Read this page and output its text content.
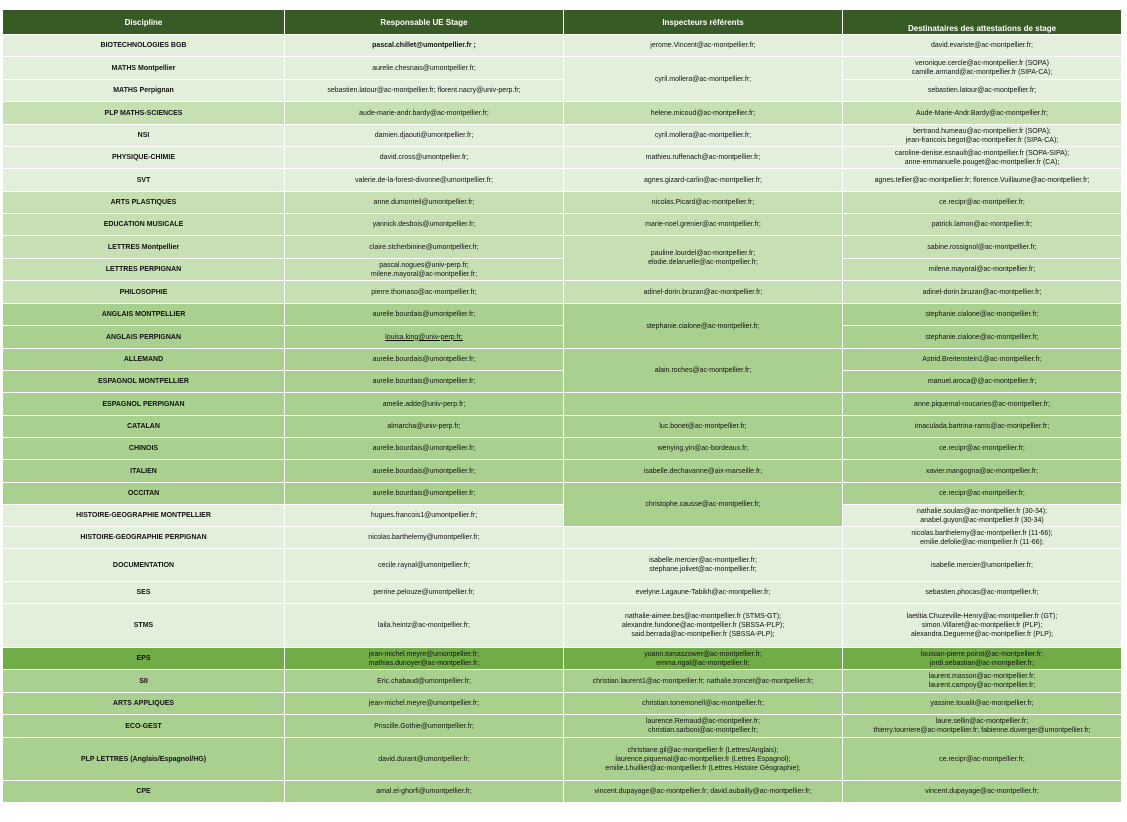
Discipline	Responsable UE Stage	Inspecteurs référents	Destinataires des attestations de stage
BIOTECHNOLOGIES BGB	pascal.chillet@umontpellier.fr ;	jerome.Vincent@ac-montpellier.fr;	david.evariste@ac-montpellier.fr;

MATHS Montpellier	aurelie.chesnais@umontpellier.fr;	cyril.mollera@ac-montpellier.fr;	veronique.cercle@ac-montpellier.fr (SOPA)
camille.armand@ac-montpellier.fr (SIPA-CA);

MATHS Perpignan	sebastien.latour@ac-montpellier.fr; florent.nacry@univ-perp.fr;		sebastien.latour@ac-montpellier.fr;

PLP MATHS-SCIENCES	aude-marie-andr.bardy@ac-montpellier.fr;	helene.micoud@ac-montpellier.fr;	Aude-Marie-Andr.Bardy@ac-montpellier.fr;

NSI	damien.djaouti@umontpellier.fr;	cyril.mollera@ac-montpellier.fr;	bertrand.humeau@ac-montpellier.fr (SOPA);
jean-francois.begot@ac-montpellier.fr (SIPA-CA);

PHYSIQUE-CHIMIE	david.cross@umontpellier.fr;	mathieu.ruffenach@ac-montpellier.fr;	caroline-denise.esnault@ac-montpellier.fr (SOPA-SIPA);
anne-emmanuelle.pouget@ac-montpellier.fr (CA);

SVT	valerie.de-la-forest-divonne@umontpellier.fr;	agnes.gizard-carlin@ac-montpellier.fr;	agnes.tellier@ac-montpellier.fr; florence.Vuillaume@ac-montpellier.fr;

ARTS PLASTIQUES	anne.dumonteil@umontpellier.fr;	nicolas.Picard@ac-montpellier.fr;	ce.recipr@ac-montpellier.fr;

EDUCATION MUSICALE	yannick.desbois@umontpellier.fr;	marie-noel.grenier@ac-montpellier.fr;	patrick.lamon@ac-montpellier.fr;

LETTRES Montpellier	claire.stcherbinine@umontpellier.fr;	pauline.lourdel@ac-montpellier.fr;
elodie.delaruelle@ac-montpellier.fr;	sabine.rossignol@ac-montpellier.fr;

LETTRES PERPIGNAN	pascal.nogues@univ-perp.fr;
milene.mayoral@ac-montpellier.fr;		milene.mayoral@ac-montpellier.fr;

PHILOSOPHIE	pierre.thomaso@ac-montpellier.fr;	adinel-dorin.bruzan@ac-montpellier.fr;	adinel-dorin.bruzan@ac-montpellier.fr;

ANGLAIS MONTPELLIER	aurelie.bourdais@umontpellier.fr;	stephanie.cialone@ac-montpellier.fr;	stephanie.cialone@ac-montpellier.fr;

ANGLAIS PERPIGNAN	louisa.king@univ-perp.fr;		stephanie.cialone@ac-montpellier.fr;

ALLEMAND	aurelie.bourdais@umontpellier.fr;	alain.roches@ac-montpellier.fr;	Astrid.Breitenstein1@ac-montpellier.fr;

ESPAGNOL MONTPELLIER	aurelie.bourdais@umontpellier.fr;		manuel.aroca@@ac-montpellier.fr;

ESPAGNOL PERPIGNAN	amelie.adde@univ-perp.fr;		anne.piquemal-roucaries@ac-montpellier.fr;

CATALAN	almarcha@univ-perp.fr;	luc.bonet@ac-montpellier.fr;	imaculada.bartrina-rams@ac-montpellier.fr;

CHINOIS	aurelie.bourdais@umontpellier.fr;	wenying.yin@ac-bordeaux.fr;	ce.recipr@ac-montpellier.fr;

ITALIEN	aurelie.bourdais@umontpellier.fr;	isabelle.dechavanne@aix-marseille.fr;	xavier.mangogna@ac-montpellier.fr;

OCCITAN	aurelie.bourdais@umontpellier.fr;	christophe.causse@ac-montpellier.fr;	ce.recipr@ac-montpellier.fr;

HISTOIRE-GEOGRAPHIE MONTPELLIER	hugues.francois1@umontpellier.fr;		nathalie.soulas@ac-montpellier.fr (30-34);
anabel.guyon@ac-montpellier.fr (30-34)

HISTOIRE-GEOGRAPHIE PERPIGNAN	nicolas.barthelemy@umontpellier.fr;		nicolas.barthelemy@ac-montpellier.fr (11-66);
emilie.defolie@ac-montpellier.fr (11-66);

DOCUMENTATION	cecile.raynal@umontpellier.fr;	isabelle.mercier@ac-montpellier.fr;
stephane.jolivet@ac-montpellier.fr;	isabelle.mercier@umontpellier.fr;

SES	perrine.pelouze@umontpellier.fr;	evelyne.Lagaune-Tabikh@ac-montpellier.fr;	sebastien.phocas@ac-montpellier.fr;

STMS	laila.heintz@ac-montpellier.fr;	nathalie-aimee.bes@ac-montpellier.fr (STMS-GT);
alexandre.fundone@ac-montpellier.fr (SBSSA-PLP);
said.berrada@ac-montpellier.fr (SBSSA-PLP);	laetitia.Chuzeville-Henry@ac-montpellier.fr (GT);
simon.Villaret@ac-montpellier.fr (PLP);
alexandra.Deguerne@ac-montpellier.fr (PLP);

EPS	jean-michel.meyre@umontpellier.fr;
mathias.dunoyer@ac-montpellier.fr;	yoann.tomaszower@ac-montpellier.fr;
emma.rigal@ac-montpellier.fr;	louisian-pierre.poirot@ac-montpellier.fr;
jordi.sebastian@ac-montpellier.fr;

SII	Eric.chabaud@umontpellier.fr;	christian.laurent1@ac-montpellier.fr; nathalie.troncet@ac-montpellier.fr;	laurent.masson@ac-montpellier.fr;
laurent.campoy@ac-montpellier.fr;

ARTS APPLIQUES	jean-michel.meyre@umontpellier.fr;	christian.torremonell@ac-montpellier.fr;	yassine.toualit@ac-montpellier.fr;

ECO-GEST	Priscille.Gothie@umontpellier.fr;	laurence.Remaud@ac-montpellier.fr;
christian.sarboni@ac-montpellier.fr;	laure.sellin@ac-montpellier.fr;
thierry.tourriere@ac-montpellier.fr; fabienne.duverger@umontpellier.fr;

PLP LETTRES (Anglais/Espagnol/HG)	david.durant@umontpellier.fr;	christiane.gil@ac-montpellier.fr (Lettres/Anglais);
laurence.piquemal@ac-montpellier.fr (Lettres Espagnol);
emilie.Lhuillier@ac-montpellier.fr (Lettres Histoire Géographie);	ce.recipr@ac-montpellier.fr;

CPE	amal.el-ghorfi@umontpellier.fr;	vincent.dupayage@ac-montpellier.fr; david.aubailly@ac-montpellier.fr;	vincent.dupayage@ac-montpellier.fr;
